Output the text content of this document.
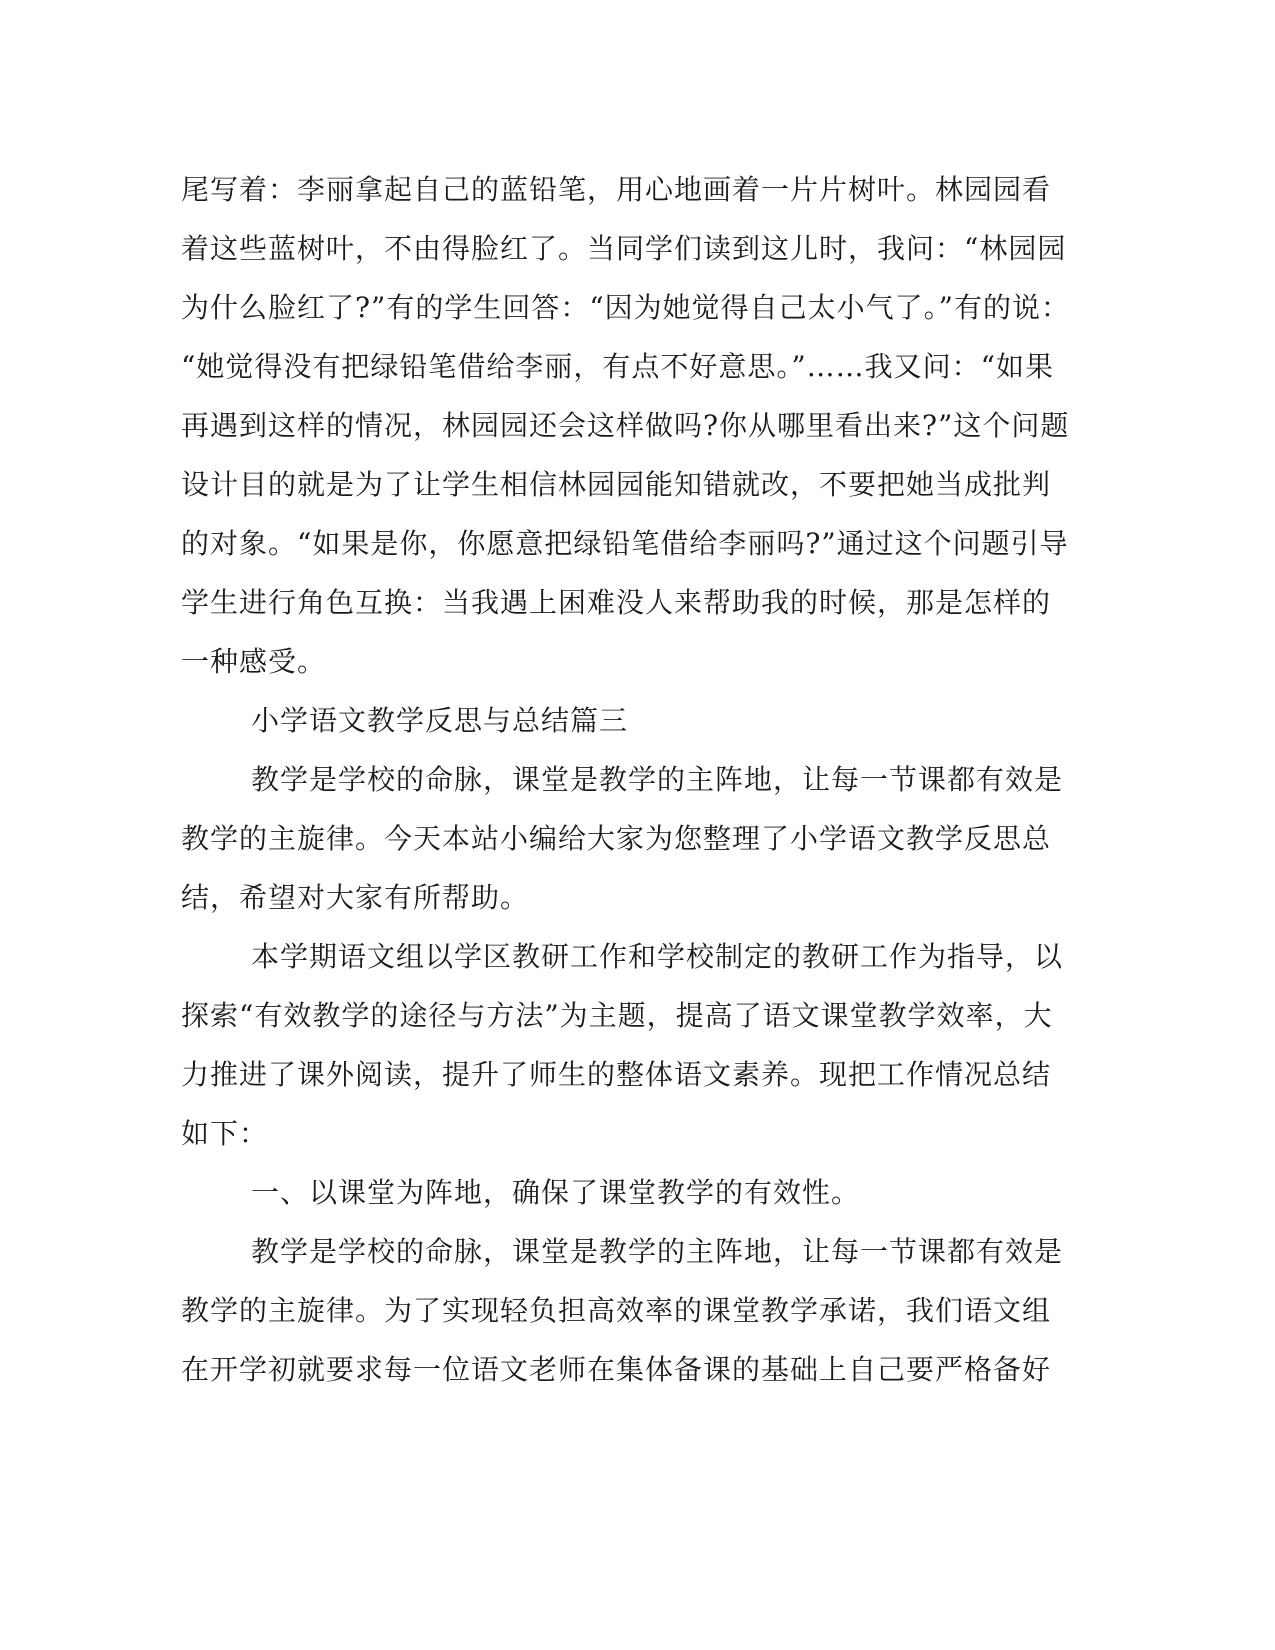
尾写着：李丽拿起自己的蓝铅笔，用心地画着一片片树叶。林园园看
着这些蓝树叶，不由得脸红了。当同学们读到这儿时，我问：“林园园
为什么脸红了?”有的学生回答：“因为她觉得自己太小气了。”有的说：
“她觉得没有把绿铅笔借给李丽，有点不好意思。”……我又问：“如果
再遇到这样的情况，林园园还会这样做吗?你从哪里看出来?”这个问题
设计目的就是为了让学生相信林园园能知错就改，不要把她当成批判
的对象。“如果是你，你愿意把绿铅笔借给李丽吗?”通过这个问题引导
学生进行角色互换：当我遇上困难没人来帮助我的时候，那是怎样的
一种感受。
小学语文教学反思与总结篇三
教学是学校的命脉，课堂是教学的主阵地，让每一节课都有效是
教学的主旋律。今天本站小编给大家为您整理了小学语文教学反思总
结，希望对大家有所帮助。
本学期语文组以学区教研工作和学校制定的教研工作为指导，以
探索“有效教学的途径与方法”为主题，提高了语文课堂教学效率，大
力推进了课外阅读，提升了师生的整体语文素养。现把工作情况总结
如下：
一、以课堂为阵地，确保了课堂教学的有效性。
教学是学校的命脉，课堂是教学的主阵地，让每一节课都有效是
教学的主旋律。为了实现轻负担高效率的课堂教学承诺，我们语文组
在开学初就要求每一位语文老师在集体备课的基础上自己要严格备好
